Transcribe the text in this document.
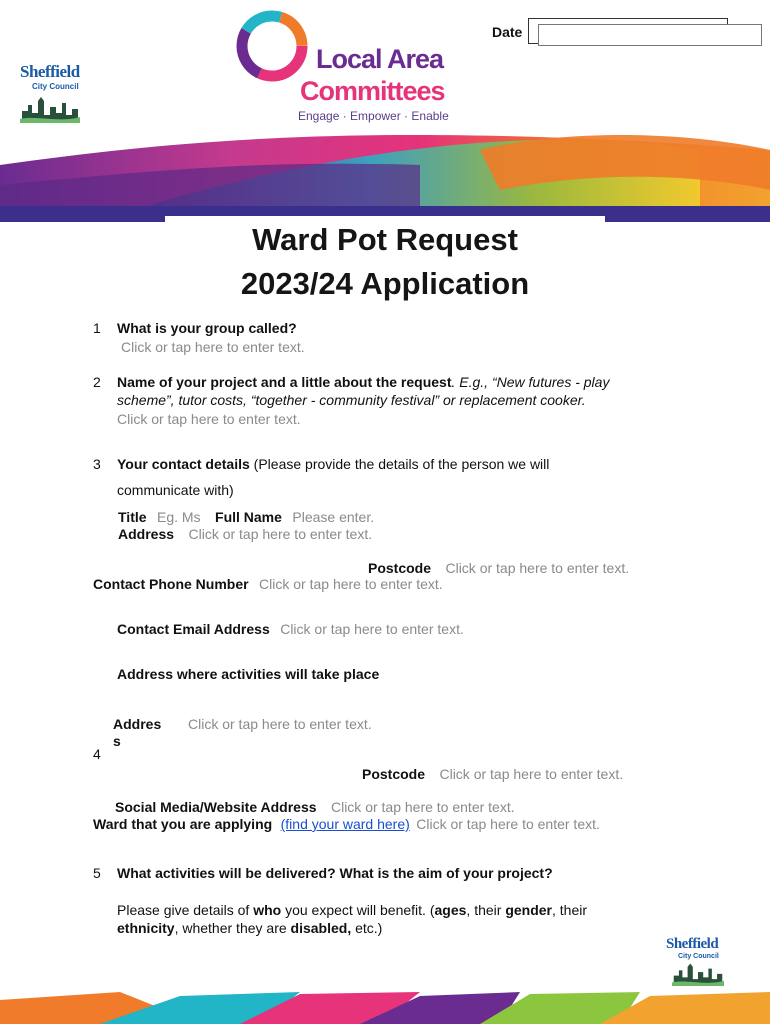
Sheffield
City Council
Local Area
Committees
Engage · Empower · Enable
Date
Ward Pot Request
2023/24 Application
1 What is your group called?
Click or tap here to enter text.
2 Name of your project and a little about the request. E.g., “New futures - play
scheme”, tutor costs, “together - community festival” or replacement cooker.
Click or tap here to enter text.
3 Your contact details (Please provide the details of the person we will
communicate with)
Title Eg. Ms Full Name Please enter.
Address Click or tap here to enter text.
Postcode Click or tap here to enter text.
Contact Phone Number Click or tap here to enter text.
Contact Email Address Click or tap here to enter text.
Address where activities will take place
Addres
s
Click or tap here to enter text.
4
Postcode Click or tap here to enter text.
Social Media/Website Address Click or tap here to enter text.
Ward that you are applying (find your ward here) Click or tap here to enter text.
5 What activities will be delivered? What is the aim of your project?
Please give details of who you expect will benefit. (ages, their gender, their
ethnicity, whether they are disabled, etc.)
Sheffield
City Council
